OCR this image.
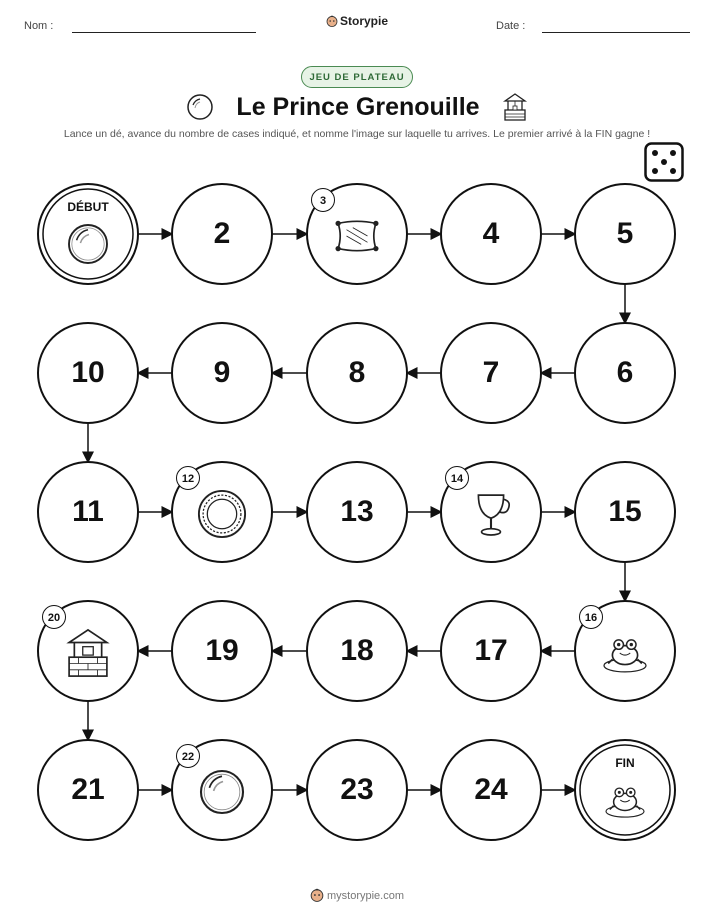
Nom :	Storypie	Date :
JEU DE PLATEAU
Le Prince Grenouille
Lance un dé, avance du nombre de cases indiqué, et nomme l'image sur laquelle tu arrives. Le premier arrivé à la FIN gagne !
DÉBUT
2
3
4	5
6
7
8
9
10
11
12
13
14
15
16
17
18
19
20
21
22
23	24
FIN
mystorypie.com
